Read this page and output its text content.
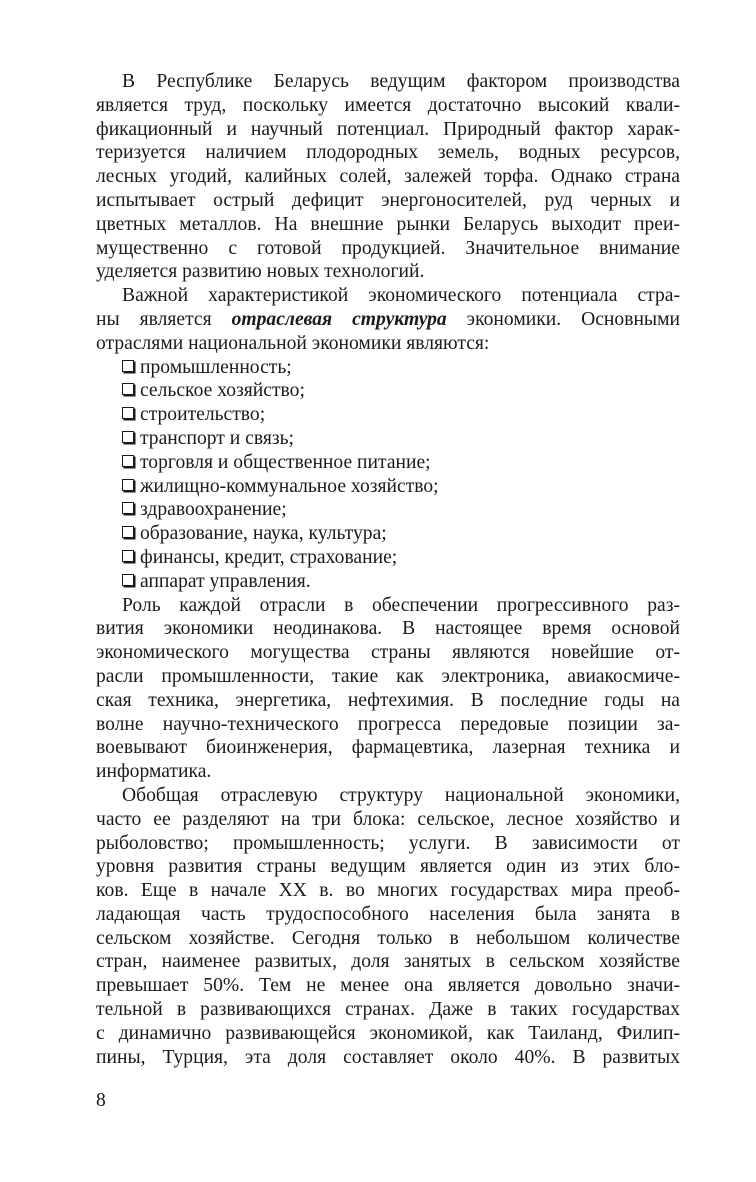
В Республике Беларусь ведущим фактором производства
является труд, поскольку имеется достаточно высокий квали-
фикационный и научный потенциал. Природный фактор харак-
теризуется наличием плодородных земель, водных ресурсов,
лесных угодий, калийных солей, залежей торфа. Однако страна
испытывает острый дефицит энергоносителей, руд черных и
цветных металлов. На внешние рынки Беларусь выходит преи-
мущественно с готовой продукцией. Значительное внимание
уделяется развитию новых технологий.
Важной характеристикой экономического потенциала стра-
ны является отраслевая структура экономики. Основными
отраслями национальной экономики являются:
промышленность;
сельское хозяйство;
строительство;
транспорт и связь;
торговля и общественное питание;
жилищно-коммунальное хозяйство;
здравоохранение;
образование, наука, культура;
финансы, кредит, страхование;
аппарат управления.
Роль каждой отрасли в обеспечении прогрессивного раз-
вития экономики неодинакова. В настоящее время основой
экономического могущества страны являются новейшие от-
расли промышленности, такие как электроника, авиакосмиче-
ская техника, энергетика, нефтехимия. В последние годы на
волне научно-технического прогресса передовые позиции за-
воевывают биоинженерия, фармацевтика, лазерная техника и
информатика.
Обобщая отраслевую структуру национальной экономики,
часто ее разделяют на три блока: сельское, лесное хозяйство и
рыболовство; промышленность; услуги. В зависимости от
уровня развития страны ведущим является один из этих бло-
ков. Еще в начале XX в. во многих государствах мира преоб-
ладающая часть трудоспособного населения была занята в
сельском хозяйстве. Сегодня только в небольшом количестве
стран, наименее развитых, доля занятых в сельском хозяйстве
превышает 50%. Тем не менее она является довольно значи-
тельной в развивающихся странах. Даже в таких государствах
с динамично развивающейся экономикой, как Таиланд, Филип-
пины, Турция, эта доля составляет около 40%. В развитых
8
